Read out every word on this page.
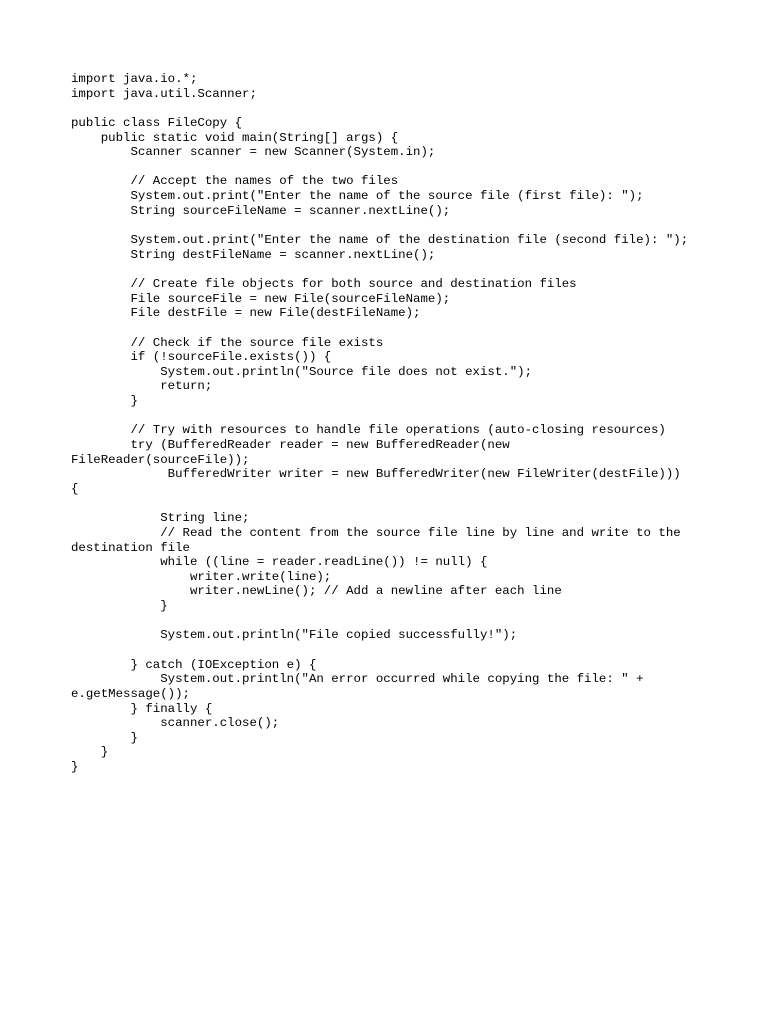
import java.io.*;
import java.util.Scanner;
public class FileCopy {
public static void main(String[] args) {
Scanner scanner = new Scanner(System.in);
// Accept the names of the two files
System.out.print("Enter the name of the source file (first file): ");
String sourceFileName = scanner.nextLine();
System.out.print("Enter the name of the destination file (second file): ");
String destFileName = scanner.nextLine();
// Create file objects for both source and destination files
File sourceFile = new File(sourceFileName);
File destFile = new File(destFileName);
// Check if the source file exists
if (!sourceFile.exists()) {
System.out.println("Source file does not exist.");
return;
}
// Try with resources to handle file operations (auto-closing resources)
try (BufferedReader reader = new BufferedReader(new
FileReader(sourceFile));
BufferedWriter writer = new BufferedWriter(new FileWriter(destFile)))
{
String line;
// Read the content from the source file line by line and write to the
destination file
while ((line = reader.readLine()) != null) {
writer.write(line);
writer.newLine(); // Add a newline after each line
}
System.out.println("File copied successfully!");
} catch (IOException e) {
System.out.println("An error occurred while copying the file: " +
e.getMessage());
} finally {
scanner.close();
}
}
}
